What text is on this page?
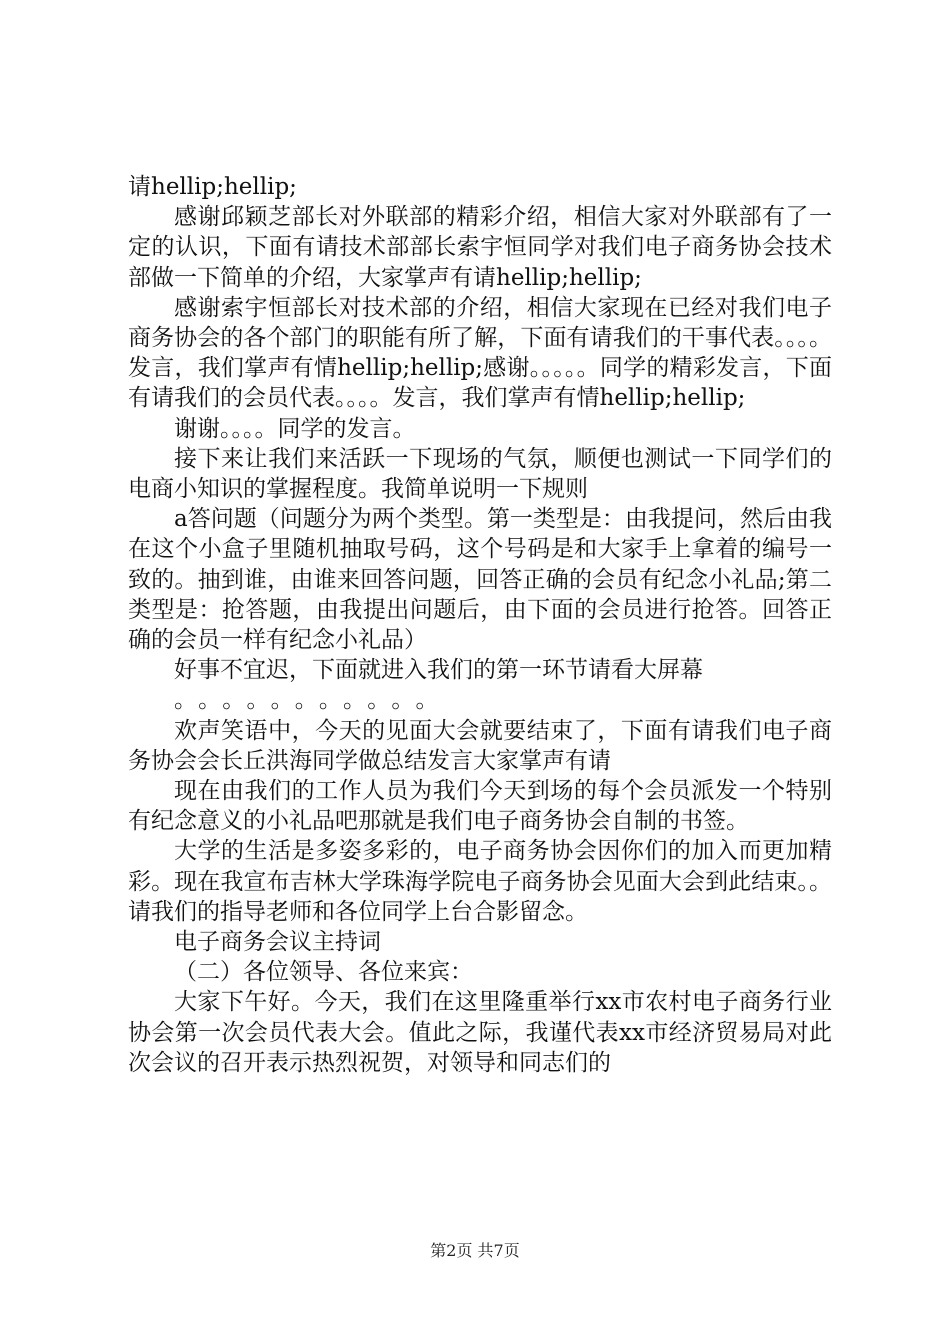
请hellip;hellip;

感谢邱颖芝部长对外联部的精彩介绍，相信大家对外联部有了一定的认识，下面有请技术部部长索宇恒同学对我们电子商务协会技术部做一下简单的介绍，大家掌声有请hellip;hellip;

感谢索宇恒部长对技术部的介绍，相信大家现在已经对我们电子商务协会的各个部门的职能有所了解，下面有请我们的干事代表。。。。发言，我们掌声有情hellip;hellip;感谢。。。。。同学的精彩发言，下面有请我们的会员代表。。。。发言，我们掌声有情hellip;hellip;

谢谢。。。。同学的发言。

接下来让我们来活跃一下现场的气氛，顺便也测试一下同学们的电商小知识的掌握程度。我简单说明一下规则

a答问题（问题分为两个类型。第一类型是：由我提问，然后由我在这个小盒子里随机抽取号码，这个号码是和大家手上拿着的编号一致的。抽到谁，由谁来回答问题，回答正确的会员有纪念小礼品;第二类型是：抢答题，由我提出问题后，由下面的会员进行抢答。回答正确的会员一样有纪念小礼品）

好事不宜迟，下面就进入我们的第一环节请看大屏幕

。。。。。。。。。。。

欢声笑语中，今天的见面大会就要结束了，下面有请我们电子商务协会会长丘洪海同学做总结发言大家掌声有请

现在由我们的工作人员为我们今天到场的每个会员派发一个特别有纪念意义的小礼品吧那就是我们电子商务协会自制的书签。

大学的生活是多姿多彩的，电子商务协会因你们的加入而更加精彩。现在我宣布吉林大学珠海学院电子商务协会见面大会到此结束。。请我们的指导老师和各位同学上台合影留念。

电子商务会议主持词

（二）各位领导、各位来宾：

大家下午好。今天，我们在这里隆重举行xx市农村电子商务行业协会第一次会员代表大会。值此之际，我谨代表xx市经济贸易局对此次会议的召开表示热烈祝贺，对领导和同志们的

第2页 共7页
